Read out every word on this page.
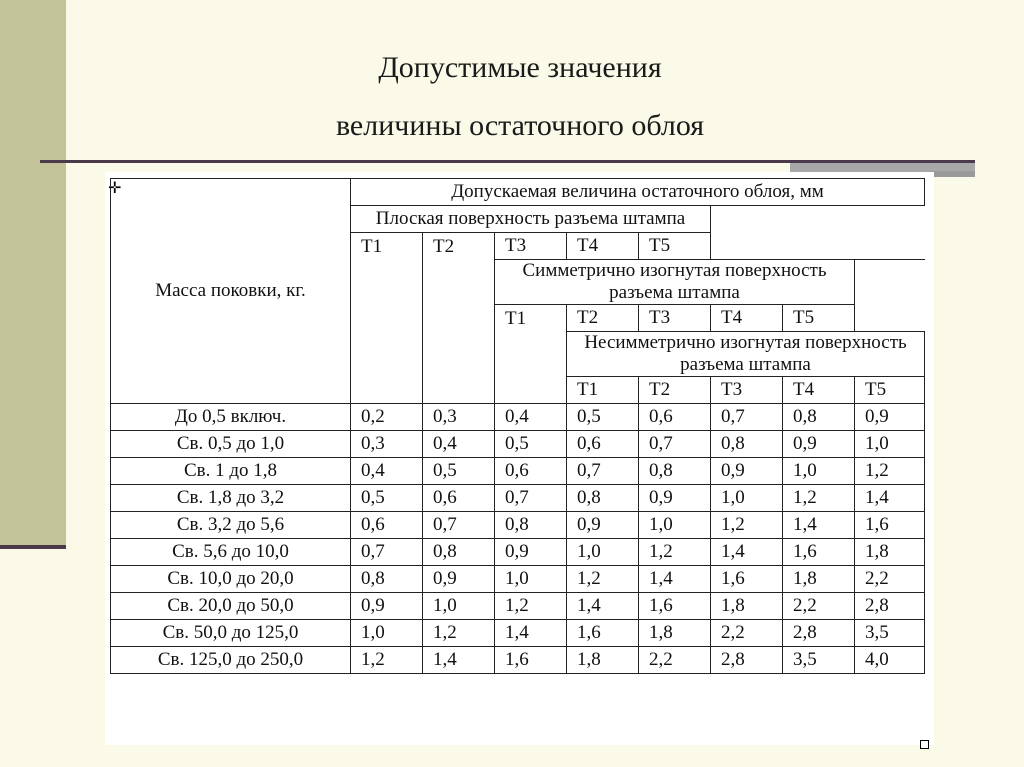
Допустимые значения
величины остаточного облоя
✛
Масса поковки, кг.	Допускаемая величина остаточного облоя, мм							
	Плоская поверхность разъема штампа							

	T1	T2	T3	T4	T5			
			Симметрично изогнутая поверхность разъема штампа					
			T1	T2	T3	T4	T5	
				Несимметрично изогнутая поверхность разъема штампа				
				T1	T2	T3	T4	T5
До 0,5 включ.	0,2	0,3	0,4	0,5	0,6	0,7	0,8	0,9
Св. 0,5 до 1,0	0,3	0,4	0,5	0,6	0,7	0,8	0,9	1,0
Св. 1 до 1,8	0,4	0,5	0,6	0,7	0,8	0,9	1,0	1,2
Св. 1,8 до 3,2	0,5	0,6	0,7	0,8	0,9	1,0	1,2	1,4
Св. 3,2 до 5,6	0,6	0,7	0,8	0,9	1,0	1,2	1,4	1,6
Св. 5,6 до 10,0	0,7	0,8	0,9	1,0	1,2	1,4	1,6	1,8
Св. 10,0 до 20,0	0,8	0,9	1,0	1,2	1,4	1,6	1,8	2,2
Св. 20,0 до 50,0	0,9	1,0	1,2	1,4	1,6	1,8	2,2	2,8
Св. 50,0 до 125,0	1,0	1,2	1,4	1,6	1,8	2,2	2,8	3,5
Св. 125,0 до 250,0	1,2	1,4	1,6	1,8	2,2	2,8	3,5	4,0
